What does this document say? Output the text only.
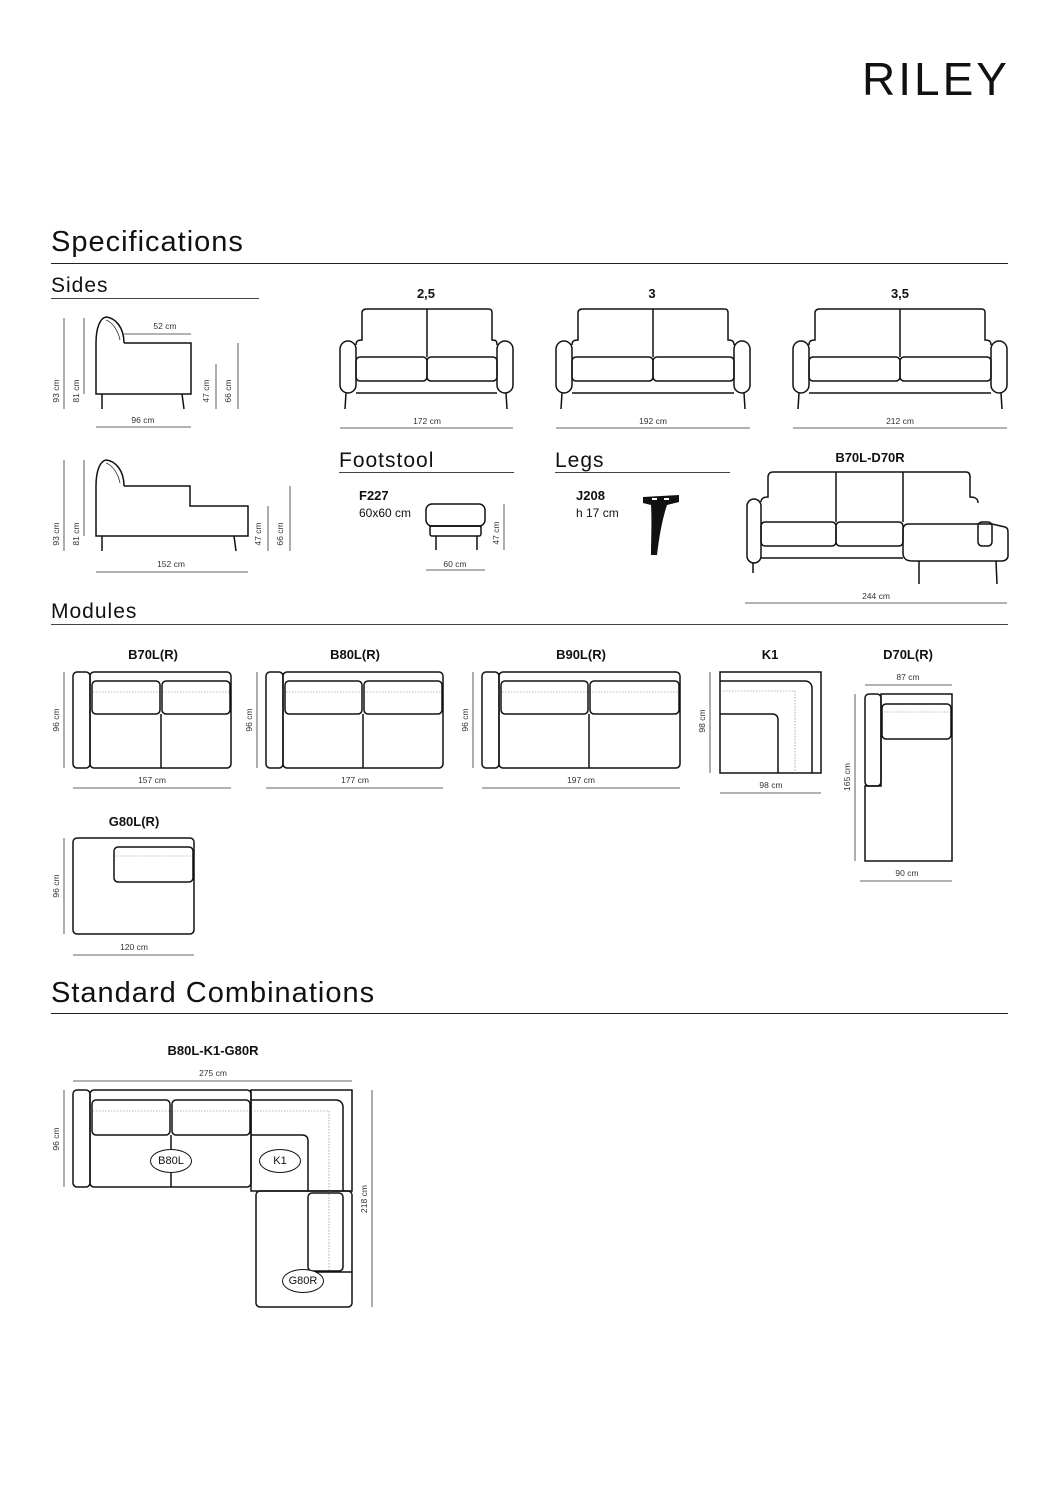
RILEY
Specifications
Sides
93 cm 81 cm
52 cm
47 cm 66 cm
96 cm
93 cm 81 cm	47 cm 66 cm
152 cm
2,5	3	3,5
172 cm	192 cm	212 cm
Footstool
F227
60x60 cm
47 cm
60 cm
Legs
J208
h 17 cm
B70L-D70R
244 cm
Modules
B70L(R)	B80L(R)	B90L(R)	K1	D70L(R)
G80L(R)
96 cm
157 cm
96 cm
177 cm
96 cm
197 cm
98 cm
98 cm
87 cm
165 cm
90 cm
96 cm
120 cm
Standard Combinations
B80L-K1-G80R
275 cm
96 cm
218 cm
B80L	K1
G80R
